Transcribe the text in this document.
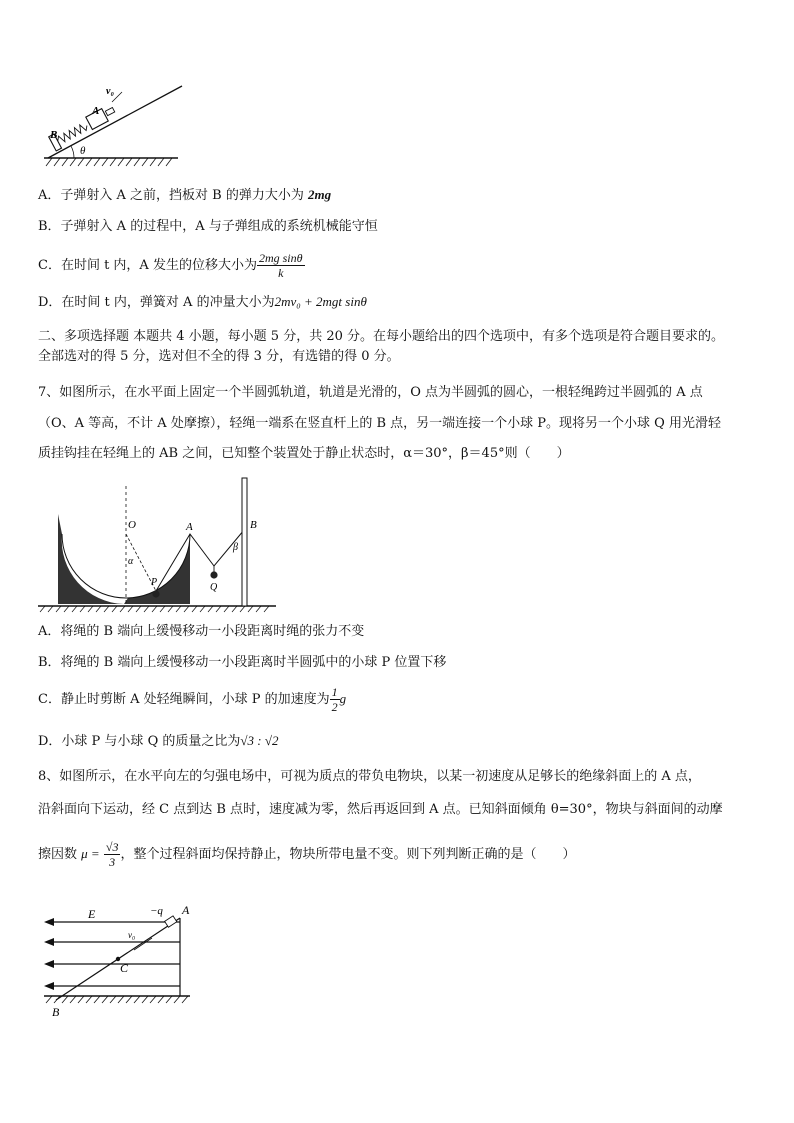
θ
B
A
v₀
A．子弹射入 A 之前，挡板对 B 的弹力大小为 2mg
B．子弹射入 A 的过程中，A 与子弹组成的系统机械能守恒
C．在时间 t 内，A 发生的位移大小为 $\frac{\text{2mg sinθ}}{k}$
D．在时间 t 内，弹簧对 A 的冲量大小为2mv₀ + 2mgt sinθ
二、多项选择题 本题共 4 小题，每小题 5 分，共 20 分。在每小题给出的四个选项中，有多个选项是符合题目要求的。
全部选对的得 5 分，选对但不全的得 3 分，有选错的得 0 分。
7、如图所示，在水平面上固定一个半圆弧轨道，轨道是光滑的，O 点为半圆弧的圆心，一根轻绳跨过半圆弧的 A 点
（O、A 等高，不计 A 处摩擦），轻绳一端系在竖直杆上的 B 点，另一端连接一个小球 P。现将另一个小球 Q 用光滑轻
质挂钩挂在轻绳上的 AB 之间，已知整个装置处于静止状态时，α＝30°，β＝45°则（　　）
O
α
A
P	Q
β
B
A．将绳的 B 端向上缓慢移动一小段距离时绳的张力不变
B．将绳的 B 端向上缓慢移动一小段距离时半圆弧中的小球 P 位置下移
C．静止时剪断 A 处轻绳瞬间，小球 P 的加速度为 $\frac{1}{2}$ g
D．小球 P 与小球 Q 的质量之比为√3 : √2
8、如图所示，在水平向左的匀强电场中，可视为质点的带负电物块，以某一初速度从足够长的绝缘斜面上的 A 点，
沿斜面向下运动，经 C 点到达 B 点时，速度减为零，然后再返回到 A 点。已知斜面倾角 θ=30°，物块与斜面间的动摩
擦因数 $\mu = \frac{√3}{3}$ ，整个过程斜面均保持静止，物块所带电量不变。则下列判断正确的是（　　）
E	−q A
v₀
C
B
